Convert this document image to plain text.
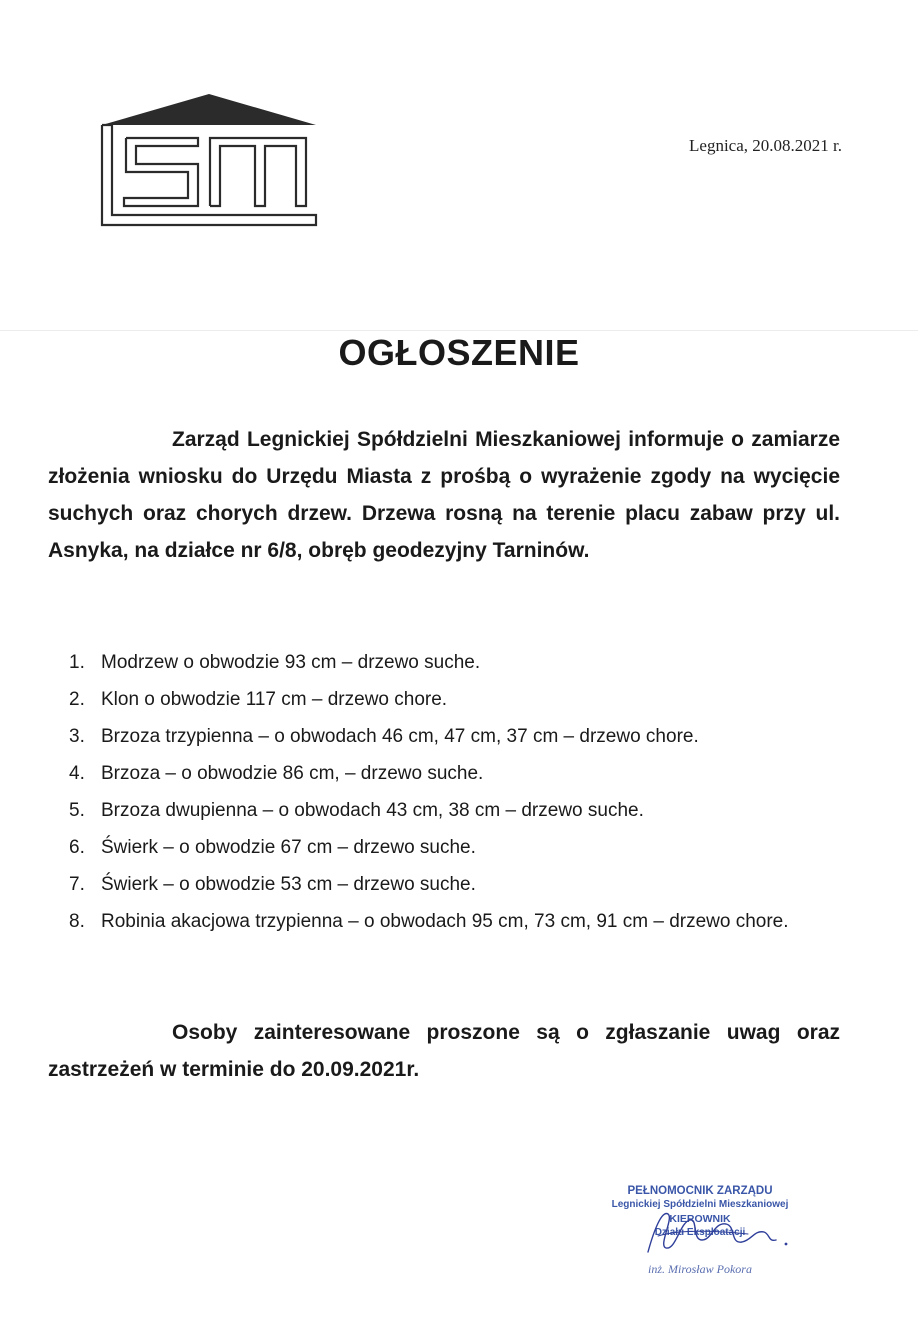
Legnica, 20.08.2021 r.
OGŁOSZENIE

Zarząd Legnickiej Spółdzielni Mieszkaniowej informuje o zamiarze złożenia wniosku do Urzędu Miasta z prośbą o wyrażenie zgody na wycięcie suchych oraz chorych drzew. Drzewa rosną na terenie placu zabaw przy ul. Asnyka, na działce nr 6/8, obręb geodezyjny Tarninów.

1. Modrzew o obwodzie 93 cm – drzewo suche.
2. Klon o obwodzie 117 cm – drzewo chore.
3. Brzoza trzypienna – o obwodach 46 cm, 47 cm, 37 cm – drzewo chore.
4. Brzoza – o obwodzie 86 cm, – drzewo suche.
5. Brzoza dwupienna – o obwodach 43 cm, 38 cm – drzewo suche.
6. Świerk – o obwodzie 67 cm – drzewo suche.
7. Świerk – o obwodzie 53 cm – drzewo suche.
8. Robinia akacjowa trzypienna – o obwodach 95 cm, 73 cm, 91 cm – drzewo chore.

Osoby zainteresowane proszone są o zgłaszanie uwag oraz zastrzeżeń w terminie do 20.09.2021r.

PEŁNOMOCNIK ZARZĄDU
Legnickiej Spółdzielni Mieszkaniowej
KIEROWNIK
Działu Eksploatacji
inż. Mirosław Pokora
